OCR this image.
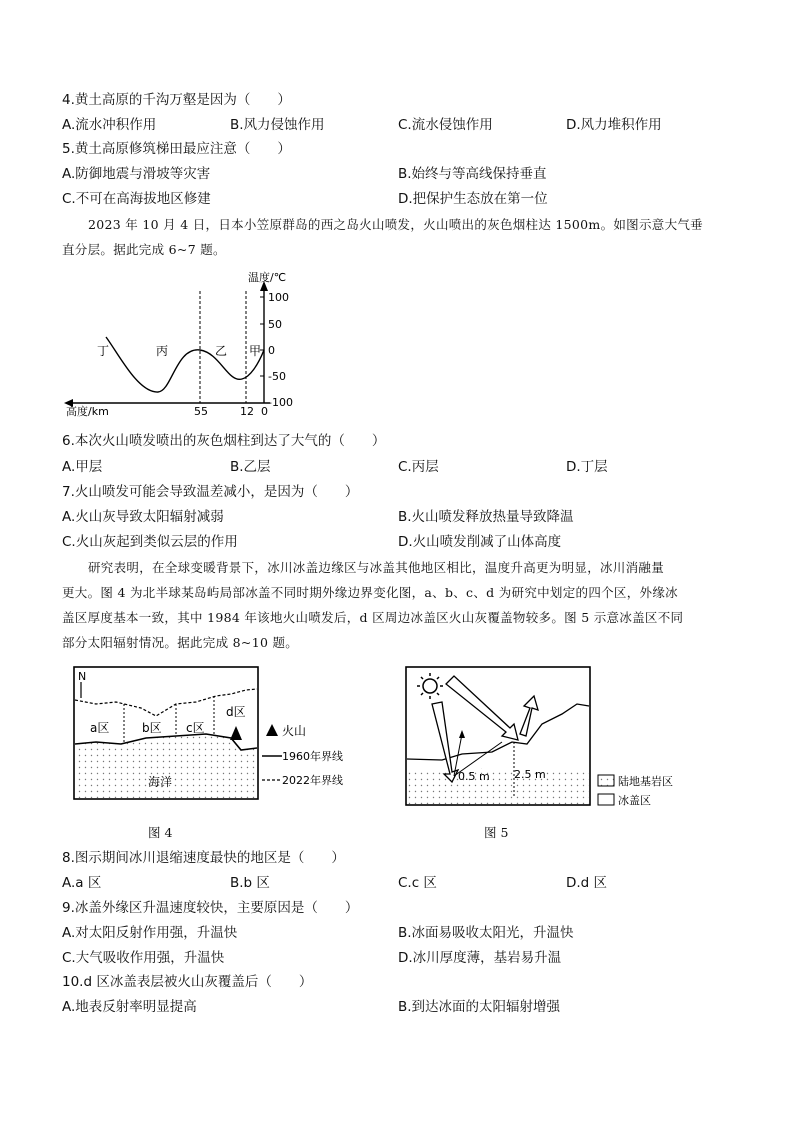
4.黄土高原的千沟万壑是因为（　　）
A.流水冲积作用	B.风力侵蚀作用	C.流水侵蚀作用	D.风力堆积作用
5.黄土高原修筑梯田最应注意（　　）
A.防御地震与滑坡等灾害	B.始终与等高线保持垂直
C.不可在高海拔地区修建	D.把保护生态放在第一位
2023 年 10 月 4 日，日本小笠原群岛的西之岛火山喷发，火山喷出的灰色烟柱达 1500m。如图示意大气垂
直分层。据此完成 6~7 题。
温度/℃
100
50
0
-50
-100
55	12 0
高度/km
丁	丙	乙 甲
6.本次火山喷发喷出的灰色烟柱到达了大气的（　　）
A.甲层	B.乙层	C.丙层	D.丁层
7.火山喷发可能会导致温差减小，是因为（　　）
A.火山灰导致太阳辐射减弱	B.火山喷发释放热量导致降温
C.火山灰起到类似云层的作用	D.火山喷发削减了山体高度
研究表明，在全球变暖背景下，冰川冰盖边缘区与冰盖其他地区相比，温度升高更为明显，冰川消融量
更大。图 4 为北半球某岛屿局部冰盖不同时期外缘边界变化图，a、b、c、d 为研究中划定的四个区，外缘冰
盖区厚度基本一致，其中 1984 年该地火山喷发后，d 区周边冰盖区火山灰覆盖物较多。图 5 示意冰盖区不同
部分太阳辐射情况。据此完成 8~10 题。
N
a区	b区 c区
d区
海洋
火山
1960年界线
2022年界线
图 4
0.5 m 2.5 m
陆地基岩区
冰盖区
图 5
8.图示期间冰川退缩速度最快的地区是（　　）
A.a 区	B.b 区	C.c 区	D.d 区
9.冰盖外缘区升温速度较快，主要原因是（　　）
A.对太阳反射作用强，升温快	B.冰面易吸收太阳光，升温快
C.大气吸收作用强，升温快	D.冰川厚度薄，基岩易升温
10.d 区冰盖表层被火山灰覆盖后（　　）
A.地表反射率明显提高	B.到达冰面的太阳辐射增强
